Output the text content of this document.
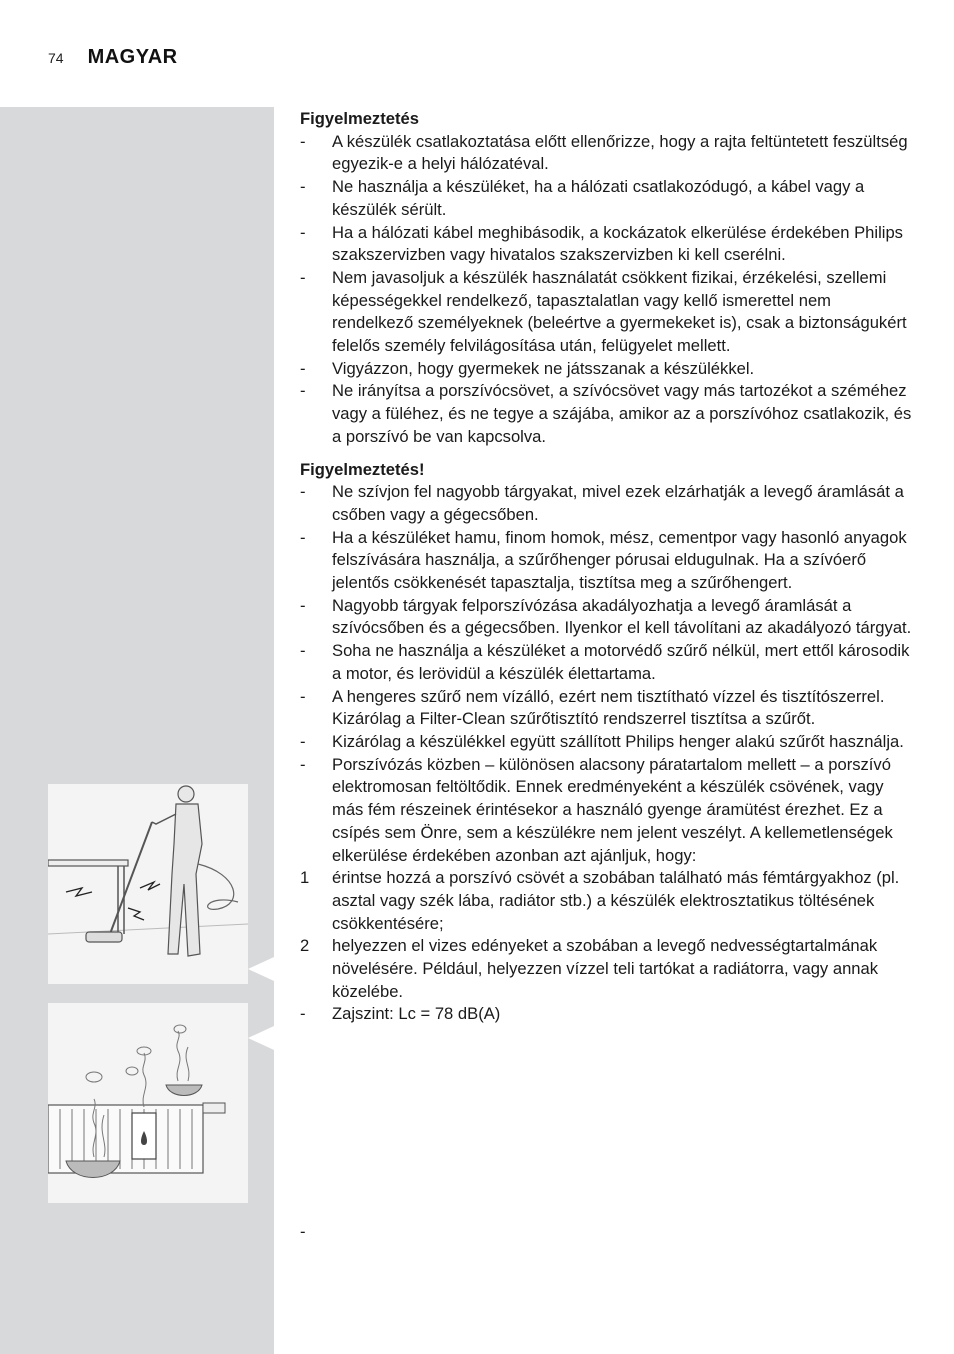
74 MAGYAR

Figyelmeztetés

-	A készülék csatlakoztatása előtt ellenőrizze, hogy a rajta feltüntetett feszültség egyezik-e a helyi hálózatéval.
-	Ne használja a készüléket, ha a hálózati csatlakozódugó, a kábel vagy a készülék sérült.
-	Ha a hálózati kábel meghibásodik, a kockázatok elkerülése érdekében Philips szakszervizben vagy hivatalos szakszervizben ki kell cserélni.
-	Nem javasoljuk a készülék használatát csökkent fizikai, érzékelési, szellemi képességekkel rendelkező, tapasztalatlan vagy kellő ismerettel nem rendelkező személyeknek (beleértve a gyermekeket is), csak a biztonságukért felelős személy felvilágosítása után, felügyelet mellett.
-	Vigyázzon, hogy gyermekek ne játsszanak a készülékkel.
-	Ne irányítsa a porszívócsövet, a szívócsövet vagy más tartozékot a széméhez vagy a füléhez, és ne tegye a szájába, amikor az a porszívóhoz csatlakozik, és a porszívó be van kapcsolva.

Figyelmeztetés!

-	Ne szívjon fel nagyobb tárgyakat, mivel ezek elzárhatják a levegő áramlását a csőben vagy a gégecsőben.
-	Ha a készüléket hamu, finom homok, mész, cementpor vagy hasonló anyagok felszívására használja, a szűrőhenger pórusai eldugulnak. Ha a szívóerő jelentős csökkenését tapasztalja, tisztítsa meg a szűrőhengert.
-	Nagyobb tárgyak felporszívózása akadályozhatja a levegő áramlását a szívócsőben és a gégecsőben. Ilyenkor el kell távolítani az akadályozó tárgyat.
-	Soha ne használja a készüléket a motorvédő szűrő nélkül, mert ettől károsodik a motor, és lerövidül a készülék élettartama.
-	A hengeres szűrő nem vízálló, ezért nem tisztítható vízzel és tisztítószerrel. Kizárólag a Filter-Clean szűrőtisztító rendszerrel tisztítsa a szűrőt.
-	Kizárólag a készülékkel együtt szállított Philips henger alakú szűrőt használja.
-	Porszívózás közben – különösen alacsony páratartalom mellett – a porszívó elektromosan feltöltődik. Ennek eredményeként a készülék csövének, vagy más fém részeinek érintésekor a használó gyenge áramütést érezhet. Ez a csípés sem Önre, sem a készülékre nem jelent veszélyt. A kellemetlenségek elkerülése érdekében azonban azt ajánljuk, hogy:
1	érintse hozzá a porszívó csövét a szobában található más fémtárgyakhoz (pl. asztal vagy szék lába, radiátor stb.) a készülék elektrosztatikus töltésének csökkentésére;
2	helyezzen el vizes edényeket a szobában a levegő nedvességtartalmának növelésére. Például, helyezzen vízzel teli tartókat a radiátorra, vagy annak közelébe.
-	Zajszint: Lc = 78 dB(A)
-
